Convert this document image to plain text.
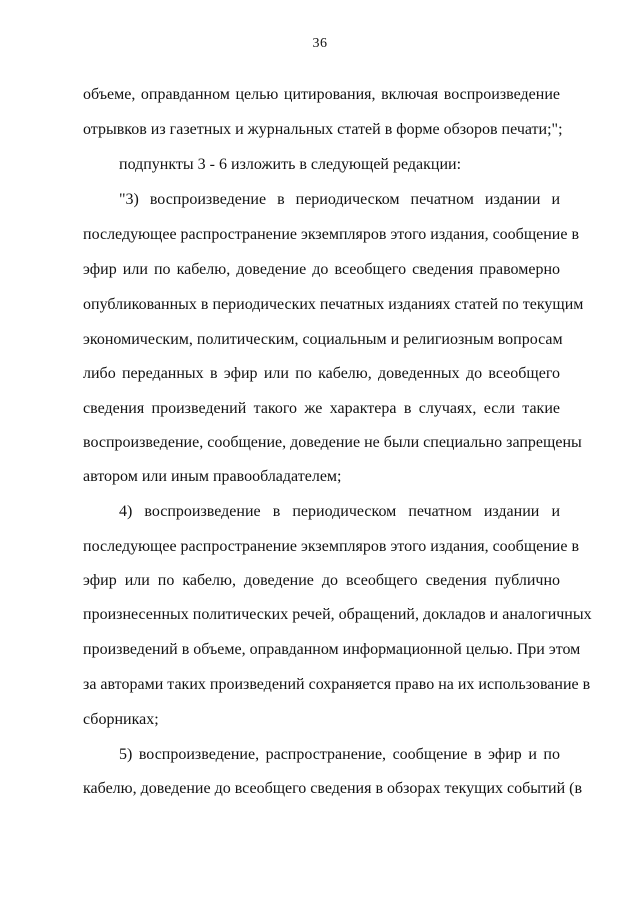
36
объеме, оправданном целью цитирования, включая воспроизведение
отрывков из газетных и журнальных статей в форме обзоров печати;";
подпункты 3 - 6 изложить в следующей редакции:
"3) воспроизведение в периодическом печатном издании и
последующее распространение экземпляров этого издания, сообщение в
эфир или по кабелю, доведение до всеобщего сведения правомерно
опубликованных в периодических печатных изданиях статей по текущим
экономическим, политическим, социальным и религиозным вопросам
либо переданных в эфир или по кабелю, доведенных до всеобщего
сведения произведений такого же характера в случаях, если такие
воспроизведение, сообщение, доведение не были специально запрещены
автором или иным правообладателем;
4) воспроизведение в периодическом печатном издании и
последующее распространение экземпляров этого издания, сообщение в
эфир или по кабелю, доведение до всеобщего сведения публично
произнесенных политических речей, обращений, докладов и аналогичных
произведений в объеме, оправданном информационной целью. При этом
за авторами таких произведений сохраняется право на их использование в
сборниках;
5) воспроизведение, распространение, сообщение в эфир и по
кабелю, доведение до всеобщего сведения в обзорах текущих событий (в
